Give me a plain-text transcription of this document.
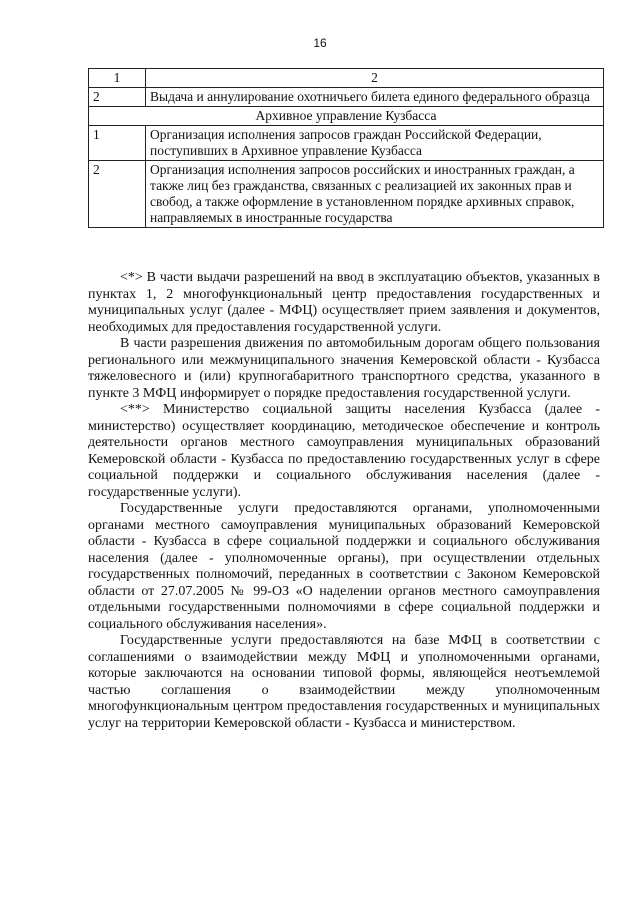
16
1	2
2	Выдача и аннулирование охотничьего билета единого федерального образца
Архивное управление Кузбасса	
1	Организация исполнения запросов граждан Российской Федерации, поступивших в Архивное управление Кузбасса
2	Организация исполнения запросов российских и иностранных граждан, а также лиц без гражданства, связанных с реализацией их законных прав и свобод, а также оформление в установленном порядке архивных справок, направляемых в иностранные государства

<*> В части выдачи разрешений на ввод в эксплуатацию объектов, указанных в пунктах 1, 2 многофункциональный центр предоставления государственных и муниципальных услуг (далее - МФЦ) осуществляет прием заявления и документов, необходимых для предоставления государственной услуги.

В части разрешения движения по автомобильным дорогам общего пользования регионального или межмуниципального значения Кемеровской области - Кузбасса тяжеловесного и (или) крупногабаритного транспортного средства, указанного в пункте 3 МФЦ информирует о порядке предоставления государственной услуги.

<**> Министерство социальной защиты населения Кузбасса (далее - министерство) осуществляет координацию, методическое обеспечение и контроль деятельности органов местного самоуправления муниципальных образований Кемеровской области - Кузбасса по предоставлению государственных услуг в сфере социальной поддержки и социального обслуживания населения (далее - государственные услуги).

Государственные услуги предоставляются органами, уполномоченными органами местного самоуправления муниципальных образований Кемеровской области - Кузбасса в сфере социальной поддержки и социального обслуживания населения (далее - уполномоченные органы), при осуществлении отдельных государственных полномочий, переданных в соответствии с Законом Кемеровской области от 27.07.2005 № 99-ОЗ «О наделении органов местного самоуправления отдельными государственными полномочиями в сфере социальной поддержки и социального обслуживания населения».

Государственные услуги предоставляются на базе МФЦ в соответствии с соглашениями о взаимодействии между МФЦ и уполномоченными органами, которые заключаются на основании типовой формы, являющейся неотъемлемой частью соглашения о взаимодействии между уполномоченным многофункциональным центром предоставления государственных и муниципальных услуг на территории Кемеровской области - Кузбасса и министерством.
